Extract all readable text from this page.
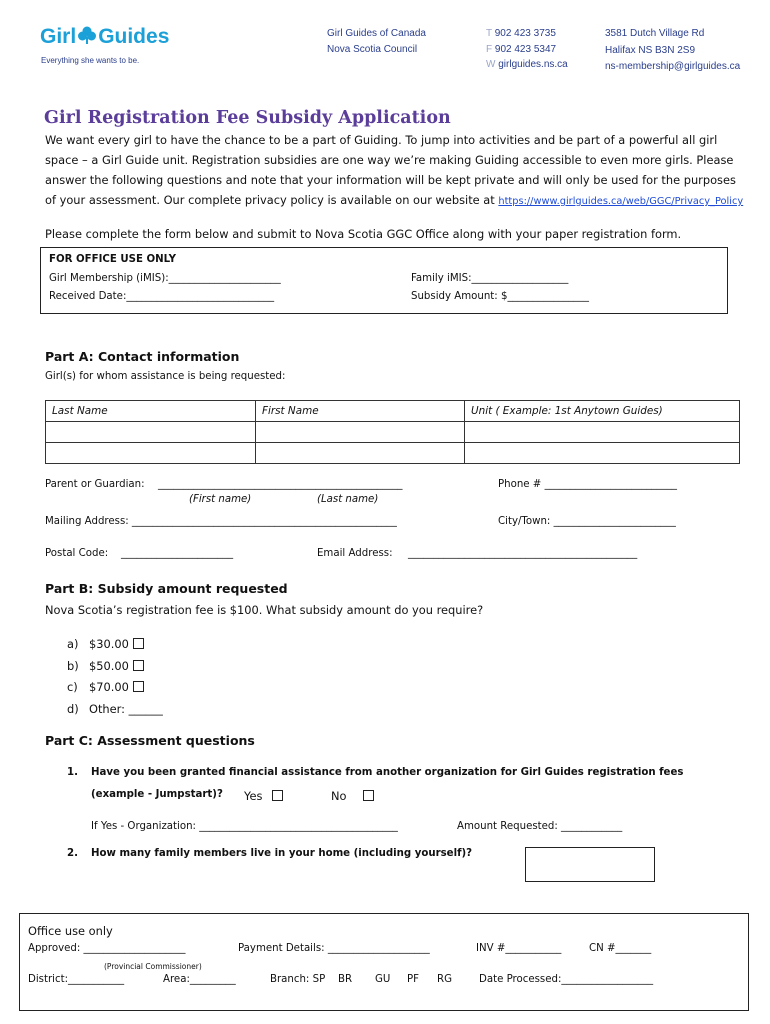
Girl Guides
Everything she wants to be.
Girl Guides of Canada
Nova Scotia Council
T 902 423 3735
F 902 423 5347
W girlguides.ns.ca
3581 Dutch Village Rd
Halifax NS B3N 2S9
ns-membership@girlguides.ca
Girl Registration Fee Subsidy Application
We want every girl to have the chance to be a part of Guiding. To jump into activities and be part of a powerful all girl
space – a Girl Guide unit. Registration subsidies are one way we’re making Guiding accessible to even more girls. Please
answer the following questions and note that your information will be kept private and will only be used for the purposes
of your assessment. Our complete privacy policy is available on our website at https://www.girlguides.ca/web/GGC/Privacy_Policy
Please complete the form below and submit to Nova Scotia GGC Office along with your paper registration form.
FOR OFFICE USE ONLY
Girl Membership (iMIS):______________________	Family iMIS:___________________
Received Date:_____________________________	Subsidy Amount: $________________
Part A: Contact information
Girl(s) for whom assistance is being requested:
Last Name	First Name	Unit ( Example: 1st Anytown Guides)

Parent or Guardian: ________________________________________________	Phone # __________________________
(First name)	(Last name)
Mailing Address: ____________________________________________________	City/Town: ________________________
Postal Code: ______________________	Email Address: _____________________________________________
Part B: Subsidy amount requested
Nova Scotia’s registration fee is $100. What subsidy amount do you require?
a) $30.00
b) $50.00
c) $70.00
d) Other: ______
Part C: Assessment questions
1. Have you been granted financial assistance from another organization for Girl Guides registration fees
(example - Jumpstart)? Yes	No
If Yes - Organization: _______________________________________	Amount Requested: ____________
2. How many family members live in your home (including yourself)?
Office use only
Approved: ____________________	Payment Details: ____________________	INV #___________	CN #_______
(Provincial Commissioner)
District:___________	Area:_________	Branch: SP BR GU PF RG	Date Processed:__________________
